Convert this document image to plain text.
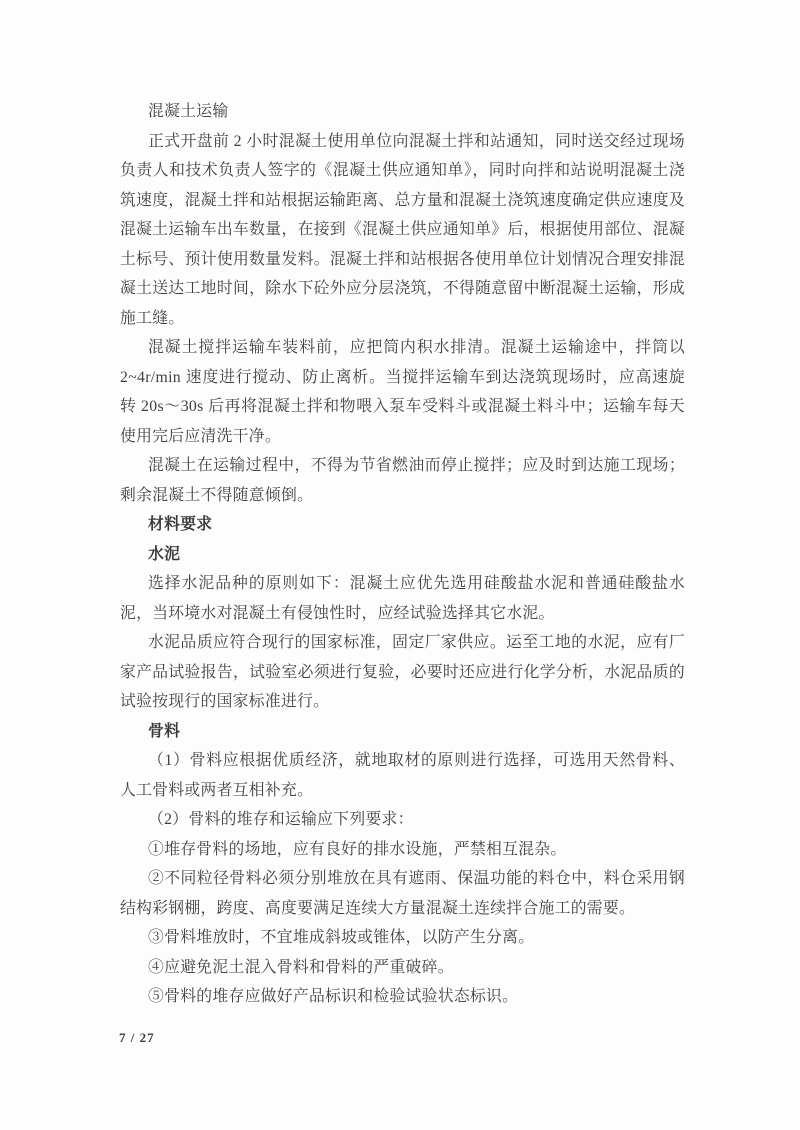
混凝土运输
正式开盘前 2 小时混凝土使用单位向混凝土拌和站通知，同时送交经过现场
负责人和技术负责人签字的《混凝土供应通知单》，同时向拌和站说明混凝土浇
筑速度，混凝土拌和站根据运输距离、总方量和混凝土浇筑速度确定供应速度及
混凝土运输车出车数量，在接到《混凝土供应通知单》后，根据使用部位、混凝
土标号、预计使用数量发料。混凝土拌和站根据各使用单位计划情况合理安排混
凝土送达工地时间，除水下砼外应分层浇筑，不得随意留中断混凝土运输，形成
施工缝。
混凝土搅拌运输车装料前，应把筒内积水排清。混凝土运输途中，拌筒以
2~4r/min 速度进行搅动、防止离析。当搅拌运输车到达浇筑现场时，应高速旋
转 20s～30s 后再将混凝土拌和物喂入泵车受料斗或混凝土料斗中；运输车每天
使用完后应清洗干净。
混凝土在运输过程中，不得为节省燃油而停止搅拌；应及时到达施工现场；
剩余混凝土不得随意倾倒。
材料要求
水泥
选择水泥品种的原则如下：混凝土应优先选用硅酸盐水泥和普通硅酸盐水
泥，当环境水对混凝土有侵蚀性时，应经试验选择其它水泥。
水泥品质应符合现行的国家标准，固定厂家供应。运至工地的水泥，应有厂
家产品试验报告，试验室必须进行复验，必要时还应进行化学分析，水泥品质的
试验按现行的国家标准进行。
骨料
（1）骨料应根据优质经济，就地取材的原则进行选择，可选用天然骨料、
人工骨料或两者互相补充。
（2）骨料的堆存和运输应下列要求：
①堆存骨料的场地，应有良好的排水设施，严禁相互混杂。
②不同粒径骨料必须分别堆放在具有遮雨、保温功能的料仓中，料仓采用钢
结构彩钢棚，跨度、高度要满足连续大方量混凝土连续拌合施工的需要。
③骨料堆放时，不宜堆成斜坡或锥体，以防产生分离。
④应避免泥土混入骨料和骨料的严重破碎。
⑤骨料的堆存应做好产品标识和检验试验状态标识。
7 / 27
